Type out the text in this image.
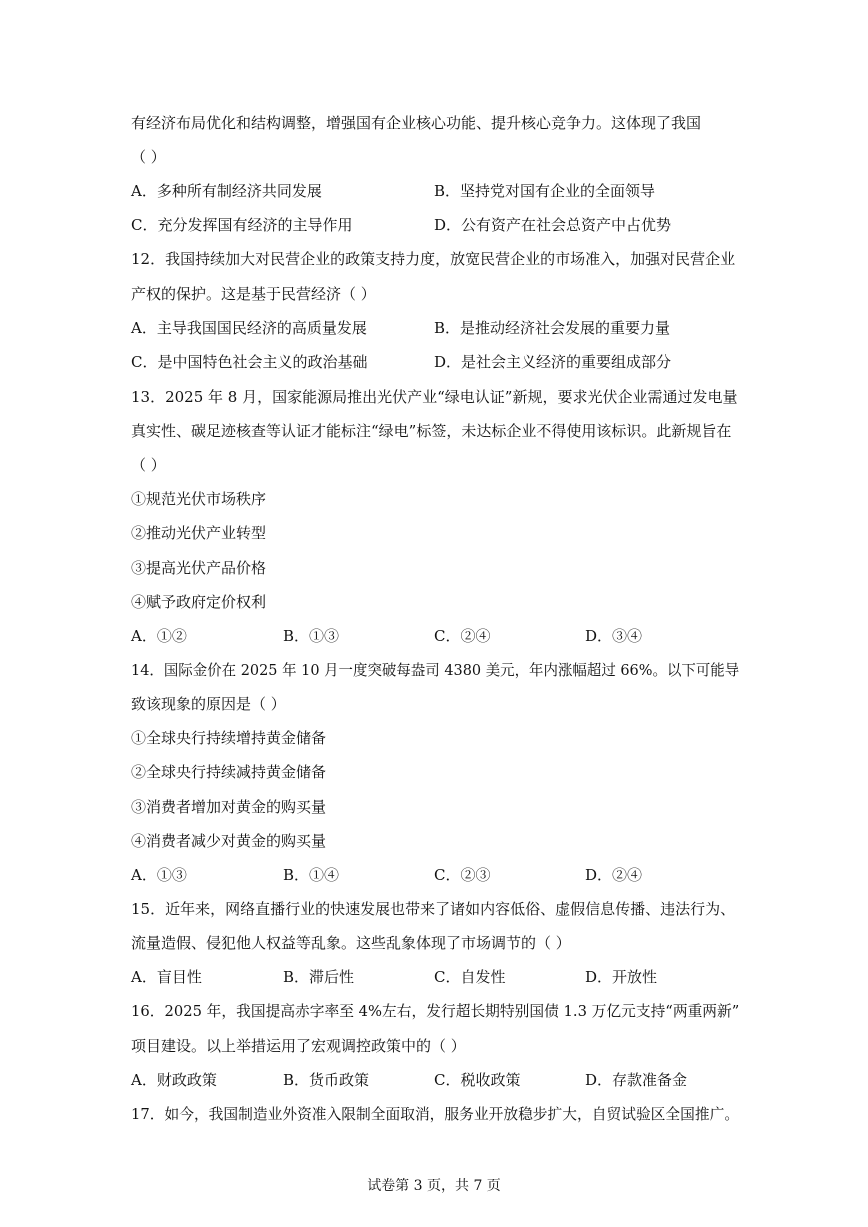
有经济布局优化和结构调整，增强国有企业核心功能、提升核心竞争力。这体现了我国
（ ）
A．多种所有制经济共同发展	B．坚持党对国有企业的全面领导
C．充分发挥国有经济的主导作用	D．公有资产在社会总资产中占优势
12．我国持续加大对民营企业的政策支持力度，放宽民营企业的市场准入，加强对民营企业
产权的保护。这是基于民营经济（ ）
A．主导我国国民经济的高质量发展	B．是推动经济社会发展的重要力量
C．是中国特色社会主义的政治基础	D．是社会主义经济的重要组成部分
13．2025 年 8 月，国家能源局推出光伏产业“绿电认证”新规，要求光伏企业需通过发电量
真实性、碳足迹核查等认证才能标注“绿电”标签，未达标企业不得使用该标识。此新规旨在
（ ）
①规范光伏市场秩序
②推动光伏产业转型
③提高光伏产品价格
④赋予政府定价权利
A．①②	B．①③	C．②④	D．③④
14．国际金价在 2025 年 10 月一度突破每盎司 4380 美元，年内涨幅超过 66%。以下可能导
致该现象的原因是（ ）
①全球央行持续增持黄金储备
②全球央行持续减持黄金储备
③消费者增加对黄金的购买量
④消费者减少对黄金的购买量
A．①③	B．①④	C．②③	D．②④
15．近年来，网络直播行业的快速发展也带来了诸如内容低俗、虚假信息传播、违法行为、
流量造假、侵犯他人权益等乱象。这些乱象体现了市场调节的（ ）
A．盲目性	B．滞后性	C．自发性	D．开放性
16．2025 年，我国提高赤字率至 4%左右，发行超长期特别国债 1.3 万亿元支持“两重两新”
项目建设。以上举措运用了宏观调控政策中的（ ）
A．财政政策	B．货币政策	C．税收政策	D．存款准备金
17．如今，我国制造业外资准入限制全面取消，服务业开放稳步扩大，自贸试验区全国推广。
试卷第 3 页，共 7 页
